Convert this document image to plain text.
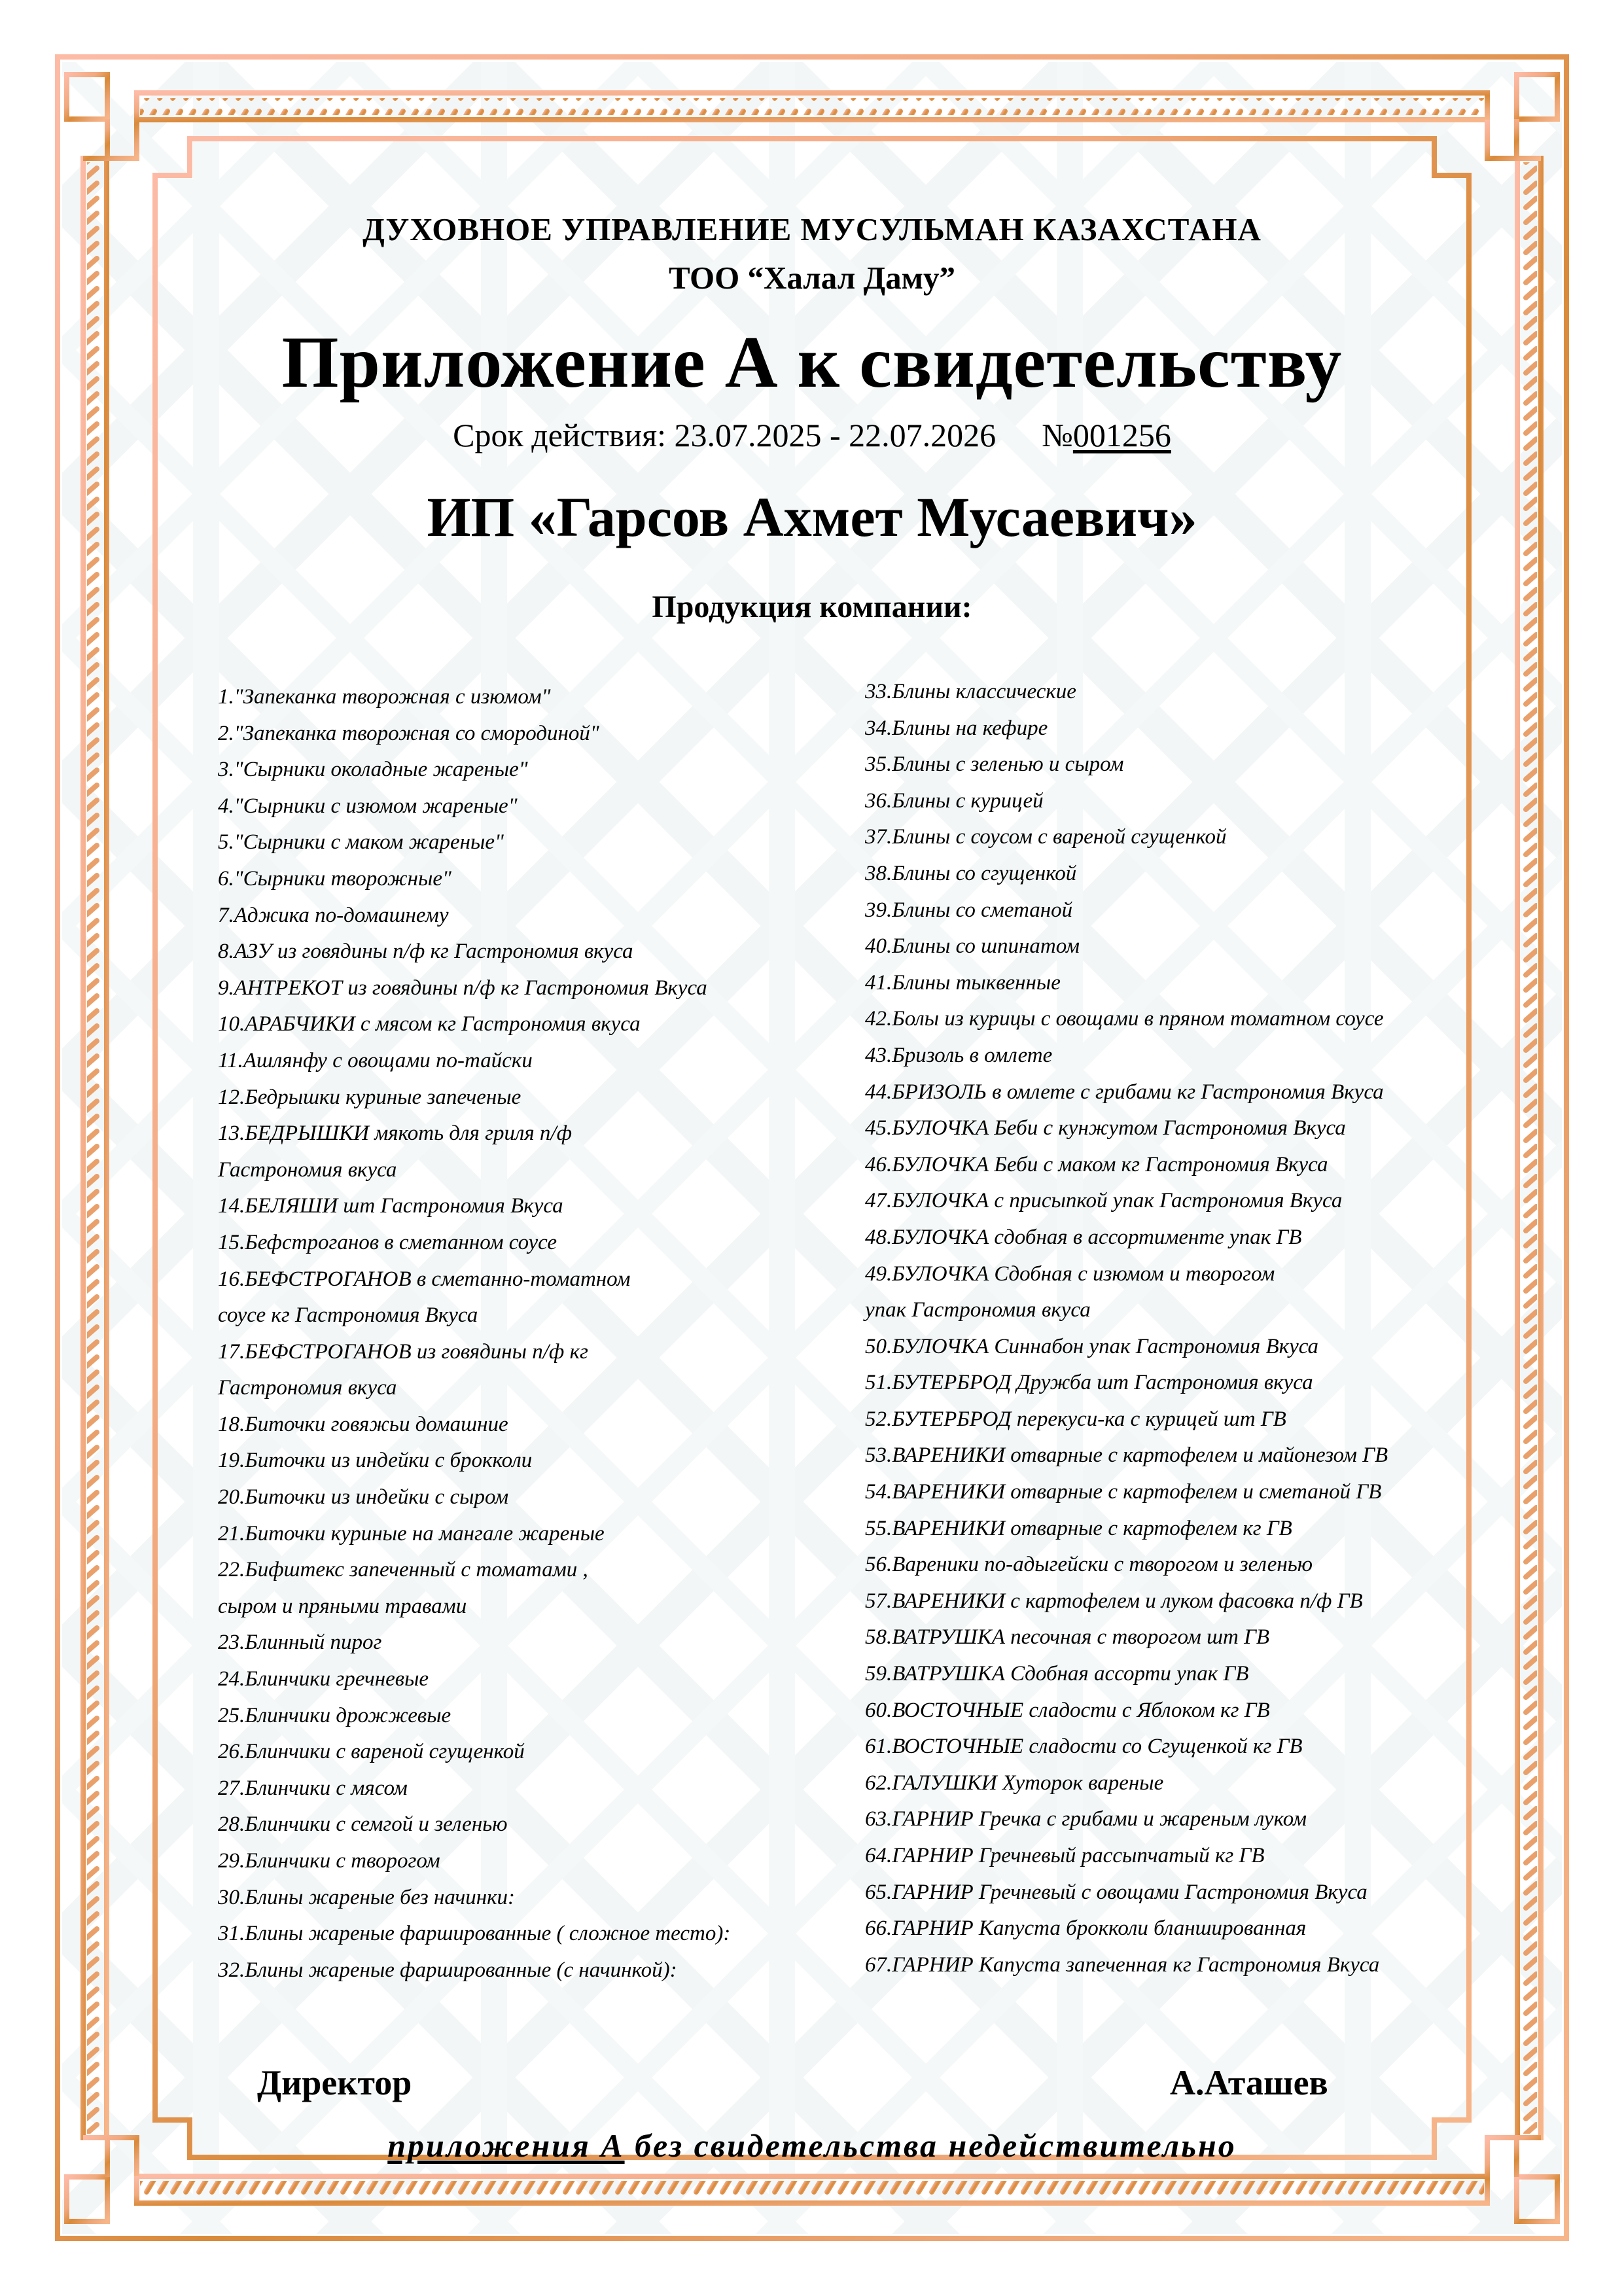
ДУХОВНОЕ УПРАВЛЕНИЕ МУСУЛЬМАН КАЗАХСТАНА
ТОО “Халал Даму”
Приложение А к свидетельству
Срок действия: 23.07.2025 - 22.07.2026 №001256
ИП «Гарсов Ахмет Мусаевич»
Продукция компании:
1."Запеканка творожная с изюмом"
2."Запеканка творожная со смородиной"
3."Сырники околадные жареные"
4."Сырники с изюмом жареные"
5."Сырники с маком жареные"
6."Сырники творожные"
7.Аджика по-домашнему
8.АЗУ из говядины п/ф кг Гастрономия вкуса
9.АНТРЕКОТ из говядины п/ф кг Гастрономия Вкуса
10.АРАБЧИКИ с мясом кг Гастрономия вкуса
11.Ашлянфу с овощами по-тайски
12.Бедрышки куриные запеченые
13.БЕДРЫШКИ мякоть для гриля п/ф
Гастрономия вкуса
14.БЕЛЯШИ шт Гастрономия Вкуса
15.Бефстроганов в сметанном соусе
16.БЕФСТРОГАНОВ в сметанно-томатном
соусе кг Гастрономия Вкуса
17.БЕФСТРОГАНОВ из говядины п/ф кг
Гастрономия вкуса
18.Биточки говяжьи домашние
19.Биточки из индейки с брокколи
20.Биточки из индейки с сыром
21.Биточки куриные на мангале жареные
22.Бифштекс запеченный с томатами ,
сыром и пряными травами
23.Блинный пирог
24.Блинчики гречневые
25.Блинчики дрожжевые
26.Блинчики с вареной сгущенкой
27.Блинчики с мясом
28.Блинчики с семгой и зеленью
29.Блинчики с творогом
30.Блины жареные без начинки:
31.Блины жареные фаршированные ( сложное тесто):
32.Блины жареные фаршированные (с начинкой):
33.Блины классические
34.Блины на кефире
35.Блины с зеленью и сыром
36.Блины с курицей
37.Блины с соусом с вареной сгущенкой
38.Блины со сгущенкой
39.Блины со сметаной
40.Блины со шпинатом
41.Блины тыквенные
42.Болы из курицы с овощами в пряном томатном соусе
43.Бризоль в омлете
44.БРИЗОЛЬ в омлете с грибами кг Гастрономия Вкуса
45.БУЛОЧКА Беби с кунжутом Гастрономия Вкуса
46.БУЛОЧКА Беби с маком кг Гастрономия Вкуса
47.БУЛОЧКА с присыпкой упак Гастрономия Вкуса
48.БУЛОЧКА сдобная в ассортименте упак ГВ
49.БУЛОЧКА Сдобная с изюмом и творогом
упак Гастрономия вкуса
50.БУЛОЧКА Синнабон упак Гастрономия Вкуса
51.БУТЕРБРОД Дружба шт Гастрономия вкуса
52.БУТЕРБРОД перекуси-ка с курицей шт ГВ
53.ВАРЕНИКИ отварные с картофелем и майонезом ГВ
54.ВАРЕНИКИ отварные с картофелем и сметаной ГВ
55.ВАРЕНИКИ отварные с картофелем кг ГВ
56.Вареники по-адыгейски с творогом и зеленью
57.ВАРЕНИКИ с картофелем и луком фасовка п/ф ГВ
58.ВАТРУШКА песочная с творогом шт ГВ
59.ВАТРУШКА Сдобная ассорти упак ГВ
60.ВОСТОЧНЫЕ сладости с Яблоком кг ГВ
61.ВОСТОЧНЫЕ сладости со Сгущенкой кг ГВ
62.ГАЛУШКИ Хуторок вареные
63.ГАРНИР Гречка с грибами и жареным луком
64.ГАРНИР Гречневый рассыпчатый кг ГВ
65.ГАРНИР Гречневый с овощами Гастрономия Вкуса
66.ГАРНИР Капуста брокколи бланшированная
67.ГАРНИР Капуста запеченная кг Гастрономия Вкуса
Директор	А.Аташев
приложения А без свидетельства недействительно
